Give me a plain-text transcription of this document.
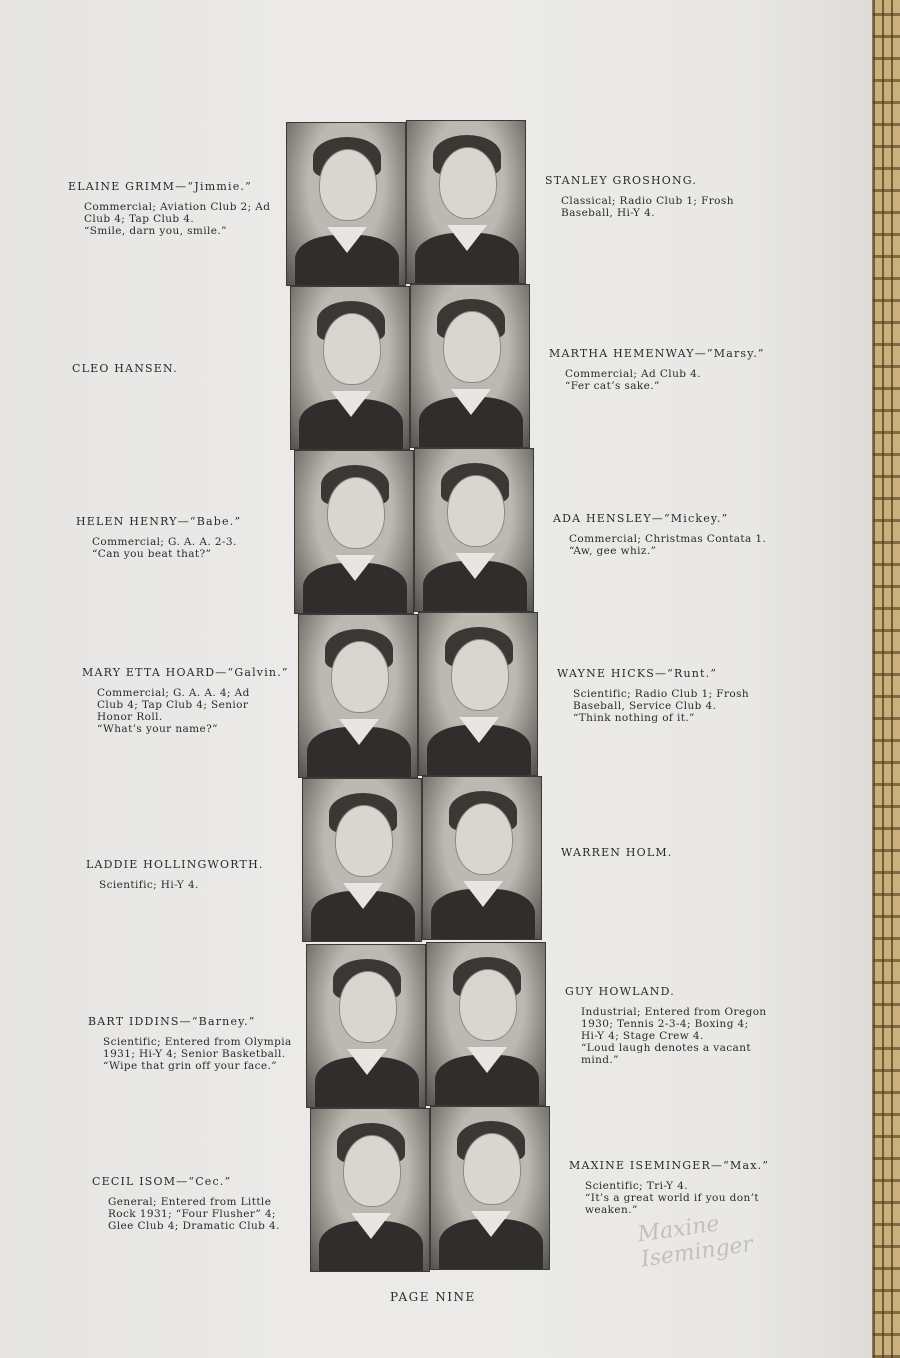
ELAINE GRIMM—“Jimmie.”
Commercial; Aviation Club 2; Ad
Club 4; Tap Club 4.
“Smile, darn you, smile.”
CLEO HANSEN.
HELEN HENRY—“Babe.”
Commercial; G. A. A. 2-3.
“Can you beat that?”
MARY ETTA HOARD—“Galvin.”
Commercial; G. A. A. 4; Ad
Club 4; Tap Club 4; Senior
Honor Roll.
“What’s your name?”
LADDIE HOLLINGWORTH.
Scientific; Hi-Y 4.
BART IDDINS—“Barney.”
Scientific; Entered from Olympia
1931; Hi-Y 4; Senior Basketball.
“Wipe that grin off your face.”
CECIL ISOM—“Cec.”
General; Entered from Little
Rock 1931; “Four Flusher” 4;
Glee Club 4; Dramatic Club 4.
STANLEY GROSHONG.
Classical; Radio Club 1; Frosh
Baseball, Hi-Y 4.
MARTHA HEMENWAY—“Marsy.”
Commercial; Ad Club 4.
“Fer cat’s sake.”
ADA HENSLEY—“Mickey.”
Commercial; Christmas Contata 1.
“Aw, gee whiz.”
WAYNE HICKS—“Runt.”
Scientific; Radio Club 1; Frosh
Baseball, Service Club 4.
“Think nothing of it.”
WARREN HOLM.
GUY HOWLAND.
Industrial; Entered from Oregon
1930; Tennis 2-3-4; Boxing 4;
Hi-Y 4; Stage Crew 4.
“Loud laugh denotes a vacant
mind.”
MAXINE ISEMINGER—“Max.”
Scientific; Tri-Y 4.
“It’s a great world if you don’t
weaken.”
Maxine Iseminger
PAGE NINE
